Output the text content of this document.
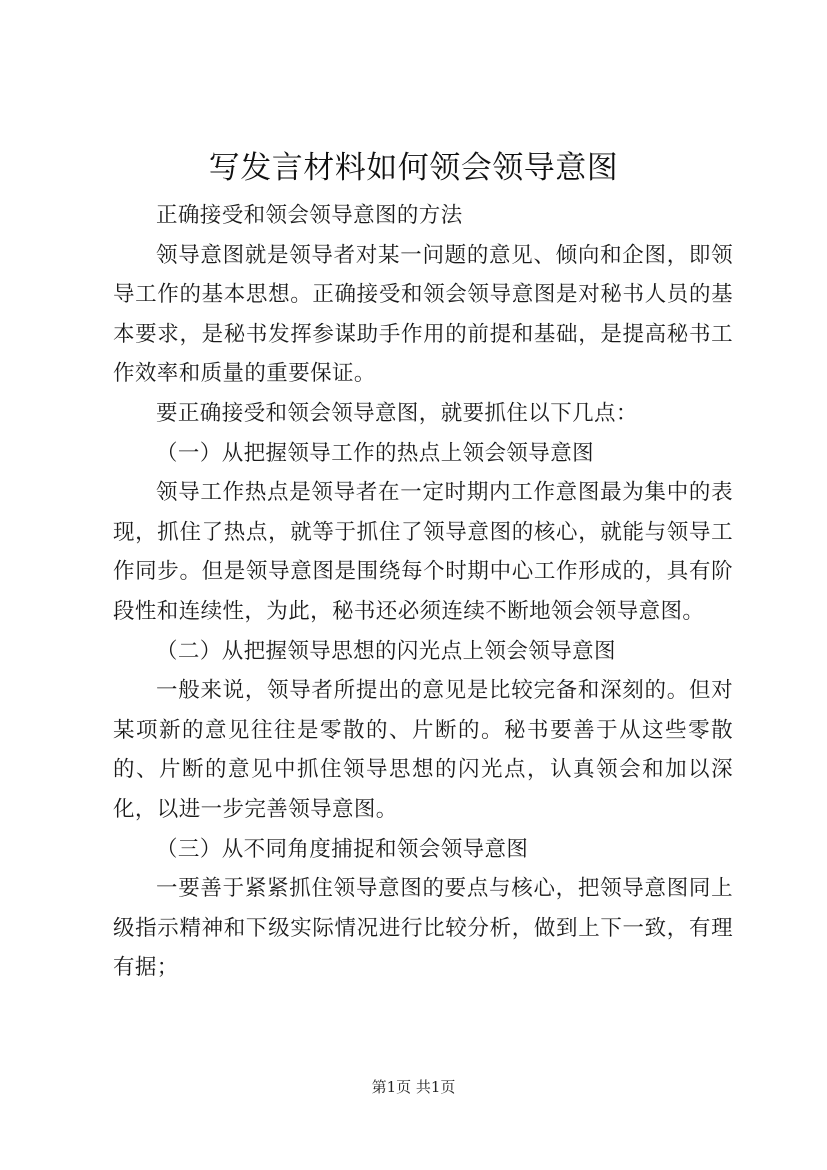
写发言材料如何领会领导意图

正确接受和领会领导意图的方法

领导意图就是领导者对某一问题的意见、倾向和企图，即领导工作的基本思想。正确接受和领会领导意图是对秘书人员的基本要求，是秘书发挥参谋助手作用的前提和基础，是提高秘书工作效率和质量的重要保证。

要正确接受和领会领导意图，就要抓住以下几点：

（一）从把握领导工作的热点上领会领导意图

领导工作热点是领导者在一定时期内工作意图最为集中的表现，抓住了热点，就等于抓住了领导意图的核心，就能与领导工作同步。但是领导意图是围绕每个时期中心工作形成的，具有阶段性和连续性，为此，秘书还必须连续不断地领会领导意图。

（二）从把握领导思想的闪光点上领会领导意图

一般来说，领导者所提出的意见是比较完备和深刻的。但对某项新的意见往往是零散的、片断的。秘书要善于从这些零散的、片断的意见中抓住领导思想的闪光点，认真领会和加以深化，以进一步完善领导意图。

（三）从不同角度捕捉和领会领导意图

一要善于紧紧抓住领导意图的要点与核心，把领导意图同上级指示精神和下级实际情况进行比较分析，做到上下一致，有理有据；

第1页 共1页
